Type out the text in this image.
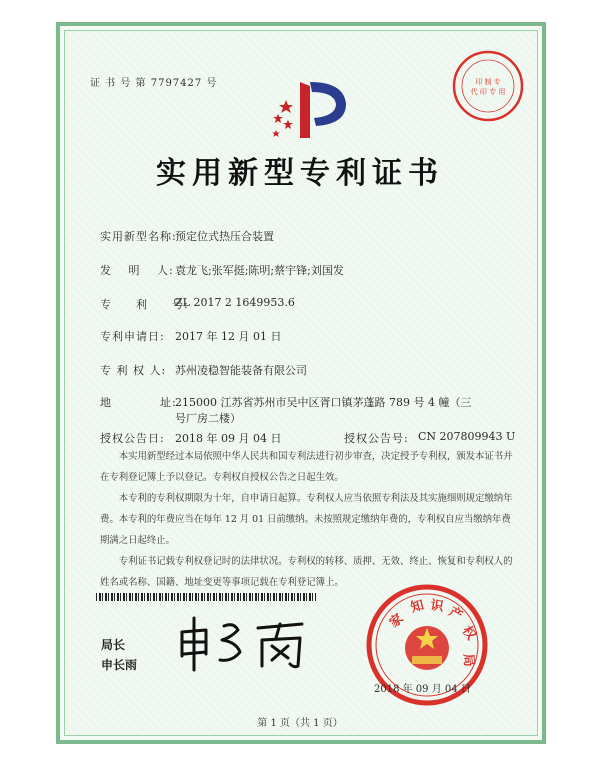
证 书 号 第 7797427 号	印 制 专
代 印 专 用
实用新型专利证书
实用新型名称:
预定位式热压合装置
发　 明　 人: 袁龙飞;张军挺;陈明;蔡宇锋;刘国发
专　　利　　号:
ZL 2017 2 1649953.6
专利申请日: 2017 年 12 月 01 日
专 利 权 人: 苏州凌稳智能装备有限公司
地　　　　址:
215000 江苏省苏州市吴中区胥口镇茅蓬路 789 号 4 幢（三
号厂房二楼）
授权公告日: 2018 年 09 月 04 日	授权公告号: CN 207809943 U

本实用新型经过本局依照中华人民共和国专利法进行初步审查，决定授予专利权，颁发本证书并在专利登记簿上予以登记。专利权自授权公告之日起生效。

本专利的专利权期限为十年，自申请日起算。专利权人应当依照专利法及其实施细则规定缴纳年费。本专利的年费应当在每年 12 月 01 日前缴纳。未按照规定缴纳年费的，专利权自应当缴纳年费期满之日起终止。

专利证书记载专利权登记时的法律状况。专利权的转移、质押、无效、终止、恢复和专利权人的姓名或名称、国籍、地址变更等事项记载在专利登记簿上。

局长
申长雨
家
知 识 产
权
局
2018 年 09 月 04 日
第 1 页（共 1 页）
